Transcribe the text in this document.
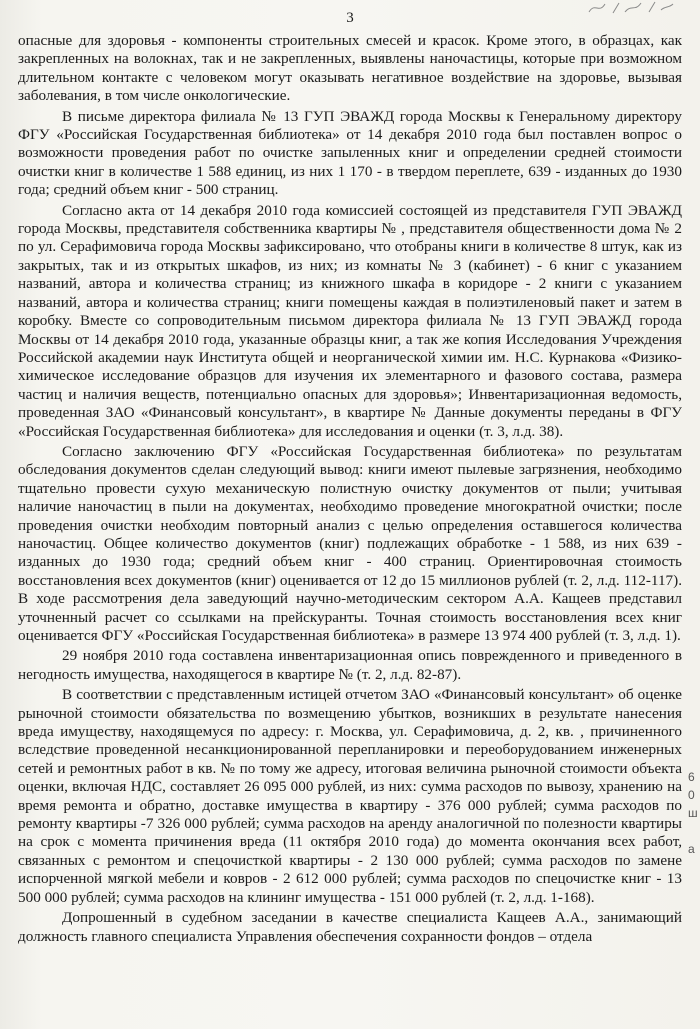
3

опасные для здоровья - компоненты строительных смесей и красок. Кроме этого, в образцах, как закрепленных на волокнах, так и не закрепленных, выявлены наночастицы, которые при возможном длительном контакте с человеком могут оказывать негативное воздействие на здоровье, вызывая заболевания, в том числе онкологические.

В письме директора филиала № 13 ГУП ЭВАЖД города Москвы к Генеральному директору ФГУ «Российская Государственная библиотека» от 14 декабря 2010 года был поставлен вопрос о возможности проведения работ по очистке запыленных книг и определении средней стоимости очистки книг в количестве 1 588 единиц, из них 1 170 - в твердом переплете, 639 - изданных до 1930 года; средний объем книг - 500 страниц.

Согласно акта от 14 декабря 2010 года комиссией состоящей из представителя ГУП ЭВАЖД города Москвы, представителя собственника квартиры № , представителя общественности дома № 2 по ул. Серафимовича города Москвы зафиксировано, что отобраны книги в количестве 8 штук, как из закрытых, так и из открытых шкафов, из них; из комнаты № 3 (кабинет) - 6 книг с указанием названий, автора и количества страниц; из книжного шкафа в коридоре - 2 книги с указанием названий, автора и количества страниц; книги помещены каждая в полиэтиленовый пакет и затем в коробку. Вместе со сопроводительным письмом директора филиала № 13 ГУП ЭВАЖД города Москвы от 14 декабря 2010 года, указанные образцы книг, а так же копия Исследования Учреждения Российской академии наук Института общей и неорганической химии им. Н.С. Курнакова «Физико-химическое исследование образцов для изучения их элементарного и фазового состава, размера частиц и наличия веществ, потенциально опасных для здоровья»; Инвентаризационная ведомость, проведенная ЗАО «Финансовый консультант», в квартире № Данные документы переданы в ФГУ «Российская Государственная библиотека» для исследования и оценки (т. 3, л.д. 38).

Согласно заключению ФГУ «Российская Государственная библиотека» по результатам обследования документов сделан следующий вывод: книги имеют пылевые загрязнения, необходимо тщательно провести сухую механическую полистную очистку документов от пыли; учитывая наличие наночастиц в пыли на документах, необходимо проведение многократной очистки; после проведения очистки необходим повторный анализ с целью определения оставшегося количества наночастиц. Общее количество документов (книг) подлежащих обработке - 1 588, из них 639 - изданных до 1930 года; средний объем книг - 400 страниц. Ориентировочная стоимость восстановления всех документов (книг) оценивается от 12 до 15 миллионов рублей (т. 2, л.д. 112-117). В ходе рассмотрения дела заведующий научно-методическим сектором А.А. Кащеев представил уточненный расчет со ссылками на прейскуранты. Точная стоимость восстановления всех книг оценивается ФГУ «Российская Государственная библиотека» в размере 13 974 400 рублей (т. 3, л.д. 1).

29 ноября 2010 года составлена инвентаризационная опись поврежденного и приведенного в негодность имущества, находящегося в квартире № (т. 2, л.д. 82-87).

В соответствии с представленным истицей отчетом ЗАО «Финансовый консультант» об оценке рыночной стоимости обязательства по возмещению убытков, возникших в результате нанесения вреда имуществу, находящемуся по адресу: г. Москва, ул. Серафимовича, д. 2, кв. , причиненного вследствие проведенной несанкционированной перепланировки и переоборудованием инженерных сетей и ремонтных работ в кв. № по тому же адресу, итоговая величина рыночной стоимости объекта оценки, включая НДС, составляет 26 095 000 рублей, из них: сумма расходов по вывозу, хранению на время ремонта и обратно, доставке имущества в квартиру - 376 000 рублей; сумма расходов по ремонту квартиры -7 326 000 рублей; сумма расходов на аренду аналогичной по полезности квартиры на срок с момента причинения вреда (11 октября 2010 года) до момента окончания всех работ, связанных с ремонтом и спецочисткой квартиры - 2 130 000 рублей; сумма расходов по замене испорченной мягкой мебели и ковров - 2 612 000 рублей; сумма расходов по спецочистке книг - 13 500 000 рублей; сумма расходов на клининг имущества - 151 000 рублей (т. 2, л.д. 1-168).

Допрошенный в судебном заседании в качестве специалиста Кащеев А.А., занимающий должность главного специалиста Управления обеспечения сохранности фондов – отдела

6
0
ш
а
